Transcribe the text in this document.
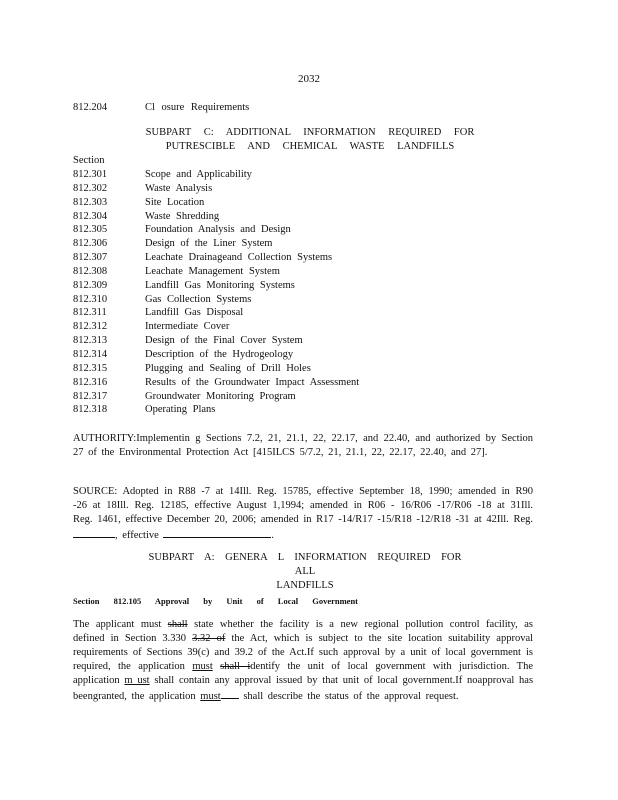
2032
812.204	Cl osure Requirements
SUBPART C: ADDITIONAL INFORMATION REQUIRED FOR
PUTRESCIBLE AND CHEMICAL WASTE LANDFILLS
Section
812.301	Scope and Applicability
812.302	Waste Analysis
812.303	Site Location
812.304	Waste Shredding
812.305	Foundation Analysis and Design
812.306	Design of the Liner System
812.307	Leachate Drainageand Collection Systems
812.308	Leachate Management System
812.309	Landfill Gas Monitoring Systems
812.310	Gas Collection Systems
812.311	Landfill Gas Disposal
812.312	Intermediate Cover
812.313	Design of the Final Cover System
812.314	Description of the Hydrogeology
812.315	Plugging and Sealing of Drill Holes
812.316	Results of the Groundwater Impact Assessment
812.317	Groundwater Monitoring Program
812.318	Operating Plans
AUTHORITY:Implementin g Sections 7.2, 21, 21.1, 22, 22.17, and 22.40, and authorized by Section 27 of the Environmental Protection Act [415ILCS 5/7.2, 21, 21.1, 22, 22.17, 22.40, and 27].
SOURCE: Adopted in R88 -7 at 14Ill. Reg. 15785, effective September 18, 1990; amended in R90 -26 at 18Ill. Reg. 12185, effective August 1,1994; amended in R06 - 16/R06 -17/R06 -18 at 31Ill. Reg. 1461, effective December 20, 2006; amended in R17 -14/R17 -15/R18 -12/R18 -31 at 42Ill. Reg. , effective	.
SUBPART A: GENERA L INFORMATION REQUIRED FOR ALL
LANDFILLS
Section 812.105 Approval by Unit of Local Government
The applicant must shall state whether the facility is a new regional pollution control facility, as defined in Section 3.330 3.32 of the Act, which is subject to the site location suitability approval requirements of Sections 39(c) and 39.2 of the Act.If such approval by a unit of local government is required, the application must shall identify the unit of local government with jurisdiction. The application m ust shall contain any approval issued by that unit of local government.If noapproval has beengranted, the application must shall describe the status of the approval request.
